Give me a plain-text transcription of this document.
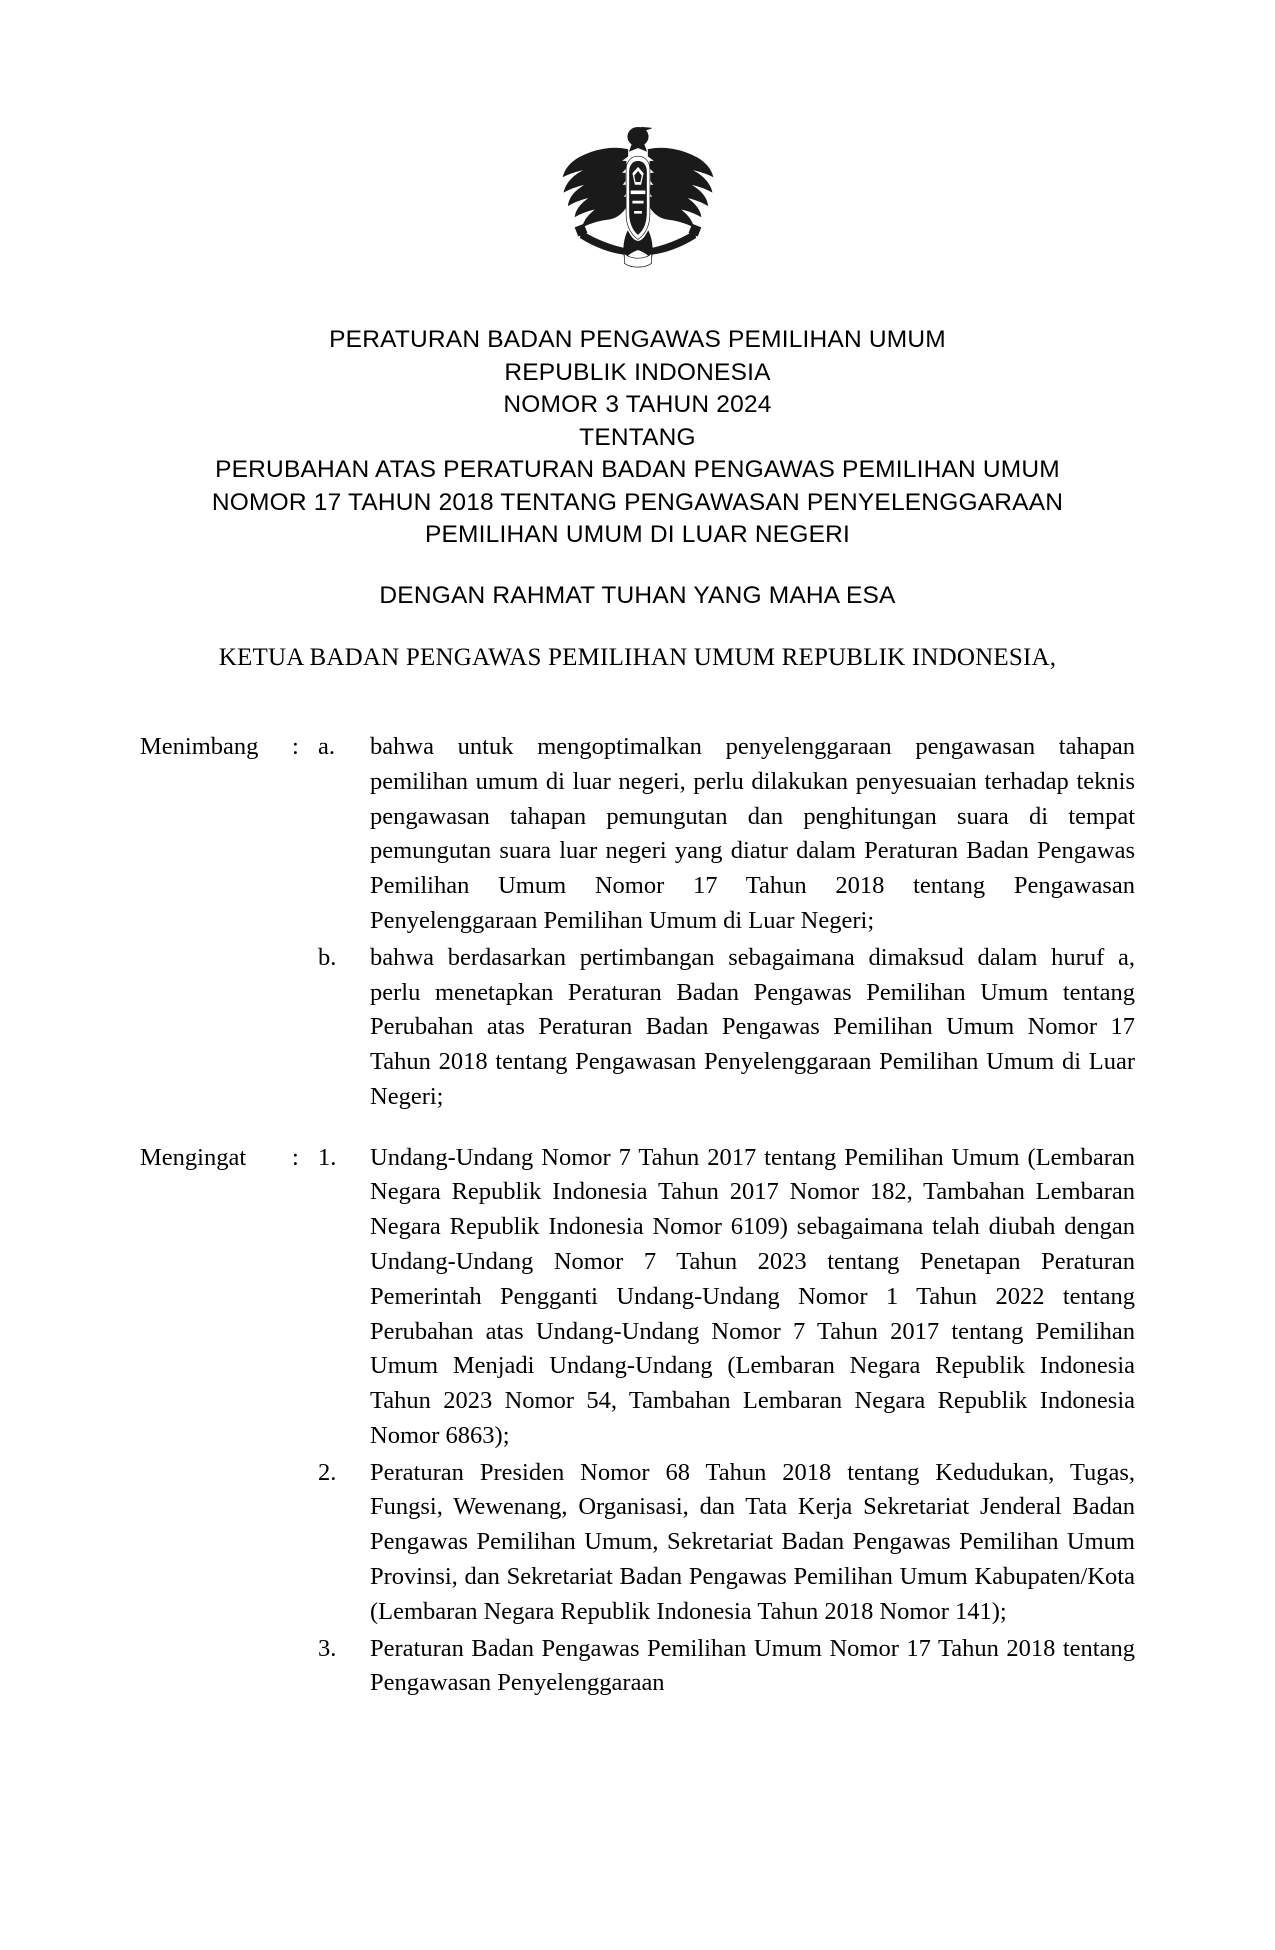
PERATURAN BADAN PENGAWAS PEMILIHAN UMUM
REPUBLIK INDONESIA
NOMOR 3 TAHUN 2024
TENTANG
PERUBAHAN ATAS PERATURAN BADAN PENGAWAS PEMILIHAN UMUM
NOMOR 17 TAHUN 2018 TENTANG PENGAWASAN PENYELENGGARAAN
PEMILIHAN UMUM DI LUAR NEGERI
DENGAN RAHMAT TUHAN YANG MAHA ESA
KETUA BADAN PENGAWAS PEMILIHAN UMUM REPUBLIK INDONESIA,
Menimbang	: a.	bahwa untuk mengoptimalkan penyelenggaraan pengawasan tahapan pemilihan umum di luar negeri, perlu dilakukan penyesuaian terhadap teknis pengawasan tahapan pemungutan dan penghitungan suara di tempat pemungutan suara luar negeri yang diatur dalam Peraturan Badan Pengawas Pemilihan Umum Nomor 17 Tahun 2018 tentang Pengawasan Penyelenggaraan Pemilihan Umum di Luar Negeri;
b.	bahwa berdasarkan pertimbangan sebagaimana dimaksud dalam huruf a, perlu menetapkan Peraturan Badan Pengawas Pemilihan Umum tentang Perubahan atas Peraturan Badan Pengawas Pemilihan Umum Nomor 17 Tahun 2018 tentang Pengawasan Penyelenggaraan Pemilihan Umum di Luar Negeri;
Mengingat	: 1.	Undang-Undang Nomor 7 Tahun 2017 tentang Pemilihan Umum (Lembaran Negara Republik Indonesia Tahun 2017 Nomor 182, Tambahan Lembaran Negara Republik Indonesia Nomor 6109) sebagaimana telah diubah dengan Undang-Undang Nomor 7 Tahun 2023 tentang Penetapan Peraturan Pemerintah Pengganti Undang-Undang Nomor 1 Tahun 2022 tentang Perubahan atas Undang-Undang Nomor 7 Tahun 2017 tentang Pemilihan Umum Menjadi Undang-Undang (Lembaran Negara Republik Indonesia Tahun 2023 Nomor 54, Tambahan Lembaran Negara Republik Indonesia Nomor 6863);
2.	Peraturan Presiden Nomor 68 Tahun 2018 tentang Kedudukan, Tugas, Fungsi, Wewenang, Organisasi, dan Tata Kerja Sekretariat Jenderal Badan Pengawas Pemilihan Umum, Sekretariat Badan Pengawas Pemilihan Umum Provinsi, dan Sekretariat Badan Pengawas Pemilihan Umum Kabupaten/Kota (Lembaran Negara Republik Indonesia Tahun 2018 Nomor 141);
3.	Peraturan Badan Pengawas Pemilihan Umum Nomor 17 Tahun 2018 tentang Pengawasan Penyelenggaraan
